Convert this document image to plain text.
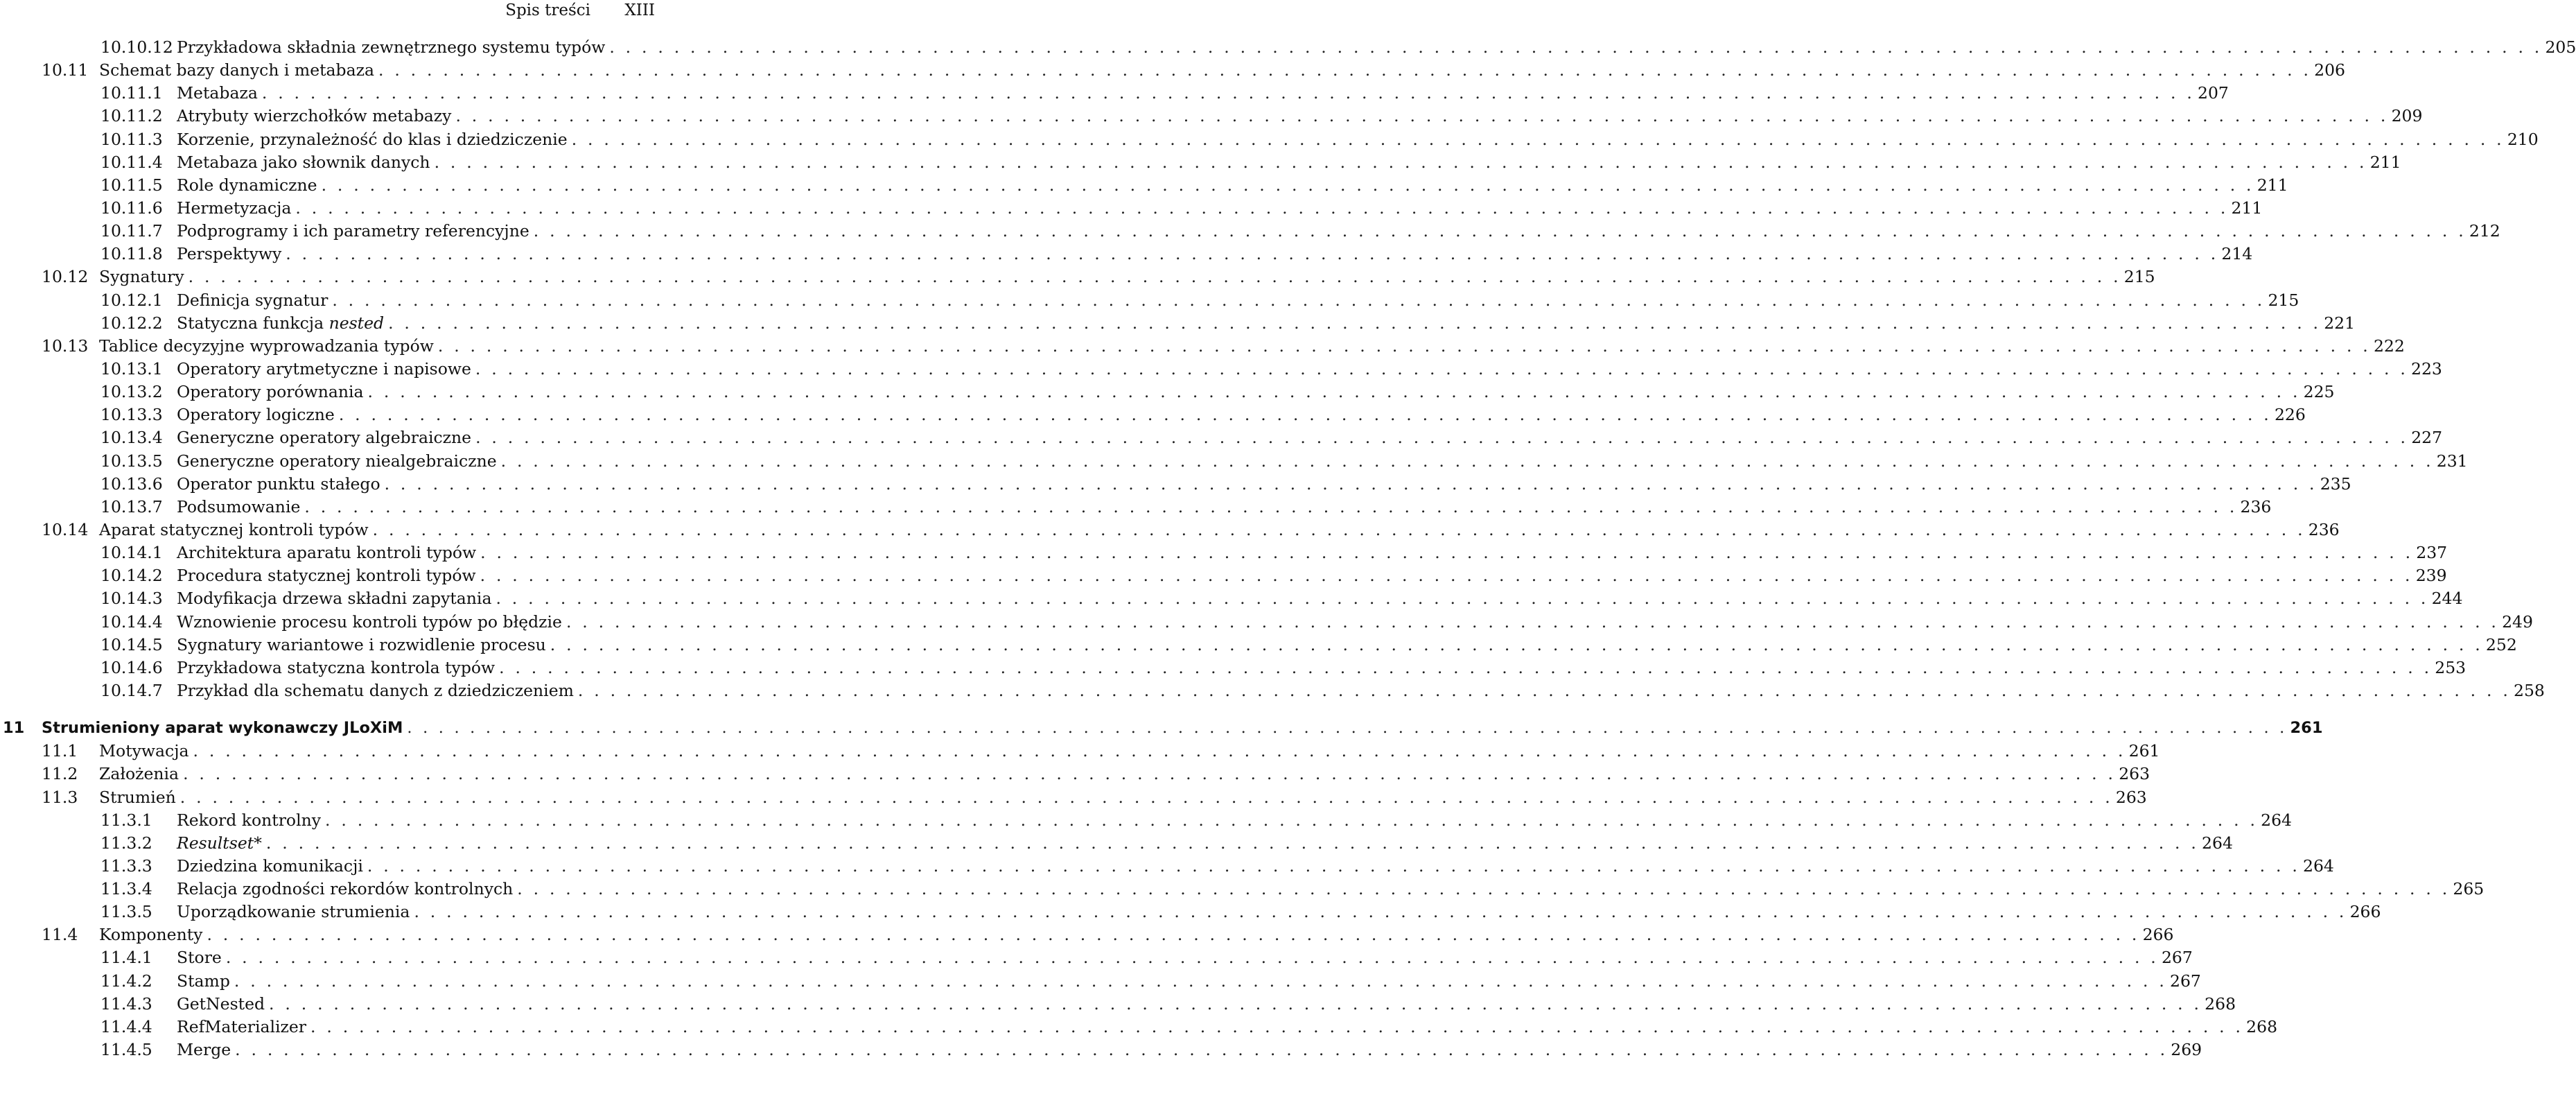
Spis treści XIII
10.10.12 Przykładowa składnia zewnętrznego systemu typów . . . . . . . . . . . . . . . . . . . . . . . . . . . . . . . . . . . . . . . . . . . . . . . . . . . . . . . . . . . . . . . . . . . . . . . . . . . . . . . . . . . . . . . . . . . . . . . . . . . . . . . . . . . . . . . . . . . . . . . . 205
10.11 Schemat bazy danych i metabaza . . . . . . . . . . . . . . . . . . . . . . . . . . . . . . . . . . . . . . . . . . . . . . . . . . . . . . . . . . . . . . . . . . . . . . . . . . . . . . . . . . . . . . . . . . . . . . . . . . . . . . . . . . . . . . . . . . . . . . . . 206
10.11.1 Metabaza . . . . . . . . . . . . . . . . . . . . . . . . . . . . . . . . . . . . . . . . . . . . . . . . . . . . . . . . . . . . . . . . . . . . . . . . . . . . . . . . . . . . . . . . . . . . . . . . . . . . . . . . . . . . . . . . . . . . . . . . 207
10.11.2 Atrybuty wierzchołków metabazy . . . . . . . . . . . . . . . . . . . . . . . . . . . . . . . . . . . . . . . . . . . . . . . . . . . . . . . . . . . . . . . . . . . . . . . . . . . . . . . . . . . . . . . . . . . . . . . . . . . . . . . . . . . . . . . . . . . . . . . . 209
10.11.3 Korzenie, przynależność do klas i dziedziczenie . . . . . . . . . . . . . . . . . . . . . . . . . . . . . . . . . . . . . . . . . . . . . . . . . . . . . . . . . . . . . . . . . . . . . . . . . . . . . . . . . . . . . . . . . . . . . . . . . . . . . . . . . . . . . . . . . . . . . . . . 210
10.11.4 Metabaza jako słownik danych . . . . . . . . . . . . . . . . . . . . . . . . . . . . . . . . . . . . . . . . . . . . . . . . . . . . . . . . . . . . . . . . . . . . . . . . . . . . . . . . . . . . . . . . . . . . . . . . . . . . . . . . . . . . . . . . . . . . . . . . 211
10.11.5 Role dynamiczne . . . . . . . . . . . . . . . . . . . . . . . . . . . . . . . . . . . . . . . . . . . . . . . . . . . . . . . . . . . . . . . . . . . . . . . . . . . . . . . . . . . . . . . . . . . . . . . . . . . . . . . . . . . . . . . . . . . . . . . . 211
10.11.6 Hermetyzacja . . . . . . . . . . . . . . . . . . . . . . . . . . . . . . . . . . . . . . . . . . . . . . . . . . . . . . . . . . . . . . . . . . . . . . . . . . . . . . . . . . . . . . . . . . . . . . . . . . . . . . . . . . . . . . . . . . . . . . . . 211
10.11.7 Podprogramy i ich parametry referencyjne . . . . . . . . . . . . . . . . . . . . . . . . . . . . . . . . . . . . . . . . . . . . . . . . . . . . . . . . . . . . . . . . . . . . . . . . . . . . . . . . . . . . . . . . . . . . . . . . . . . . . . . . . . . . . . . . . . . . . . . . 212
10.11.8 Perspektywy . . . . . . . . . . . . . . . . . . . . . . . . . . . . . . . . . . . . . . . . . . . . . . . . . . . . . . . . . . . . . . . . . . . . . . . . . . . . . . . . . . . . . . . . . . . . . . . . . . . . . . . . . . . . . . . . . . . . . . . . 214
10.12 Sygnatury . . . . . . . . . . . . . . . . . . . . . . . . . . . . . . . . . . . . . . . . . . . . . . . . . . . . . . . . . . . . . . . . . . . . . . . . . . . . . . . . . . . . . . . . . . . . . . . . . . . . . . . . . . . . . . . . . . . . . . . . 215
10.12.1 Definicja sygnatur . . . . . . . . . . . . . . . . . . . . . . . . . . . . . . . . . . . . . . . . . . . . . . . . . . . . . . . . . . . . . . . . . . . . . . . . . . . . . . . . . . . . . . . . . . . . . . . . . . . . . . . . . . . . . . . . . . . . . . . . 215
10.12.2 Statyczna funkcja nested . . . . . . . . . . . . . . . . . . . . . . . . . . . . . . . . . . . . . . . . . . . . . . . . . . . . . . . . . . . . . . . . . . . . . . . . . . . . . . . . . . . . . . . . . . . . . . . . . . . . . . . . . . . . . . . . . . . . . . . . 221
10.13 Tablice decyzyjne wyprowadzania typów . . . . . . . . . . . . . . . . . . . . . . . . . . . . . . . . . . . . . . . . . . . . . . . . . . . . . . . . . . . . . . . . . . . . . . . . . . . . . . . . . . . . . . . . . . . . . . . . . . . . . . . . . . . . . . . . . . . . . . . . 222
10.13.1 Operatory arytmetyczne i napisowe . . . . . . . . . . . . . . . . . . . . . . . . . . . . . . . . . . . . . . . . . . . . . . . . . . . . . . . . . . . . . . . . . . . . . . . . . . . . . . . . . . . . . . . . . . . . . . . . . . . . . . . . . . . . . . . . . . . . . . . . 223
10.13.2 Operatory porównania . . . . . . . . . . . . . . . . . . . . . . . . . . . . . . . . . . . . . . . . . . . . . . . . . . . . . . . . . . . . . . . . . . . . . . . . . . . . . . . . . . . . . . . . . . . . . . . . . . . . . . . . . . . . . . . . . . . . . . . . 225
10.13.3 Operatory logiczne . . . . . . . . . . . . . . . . . . . . . . . . . . . . . . . . . . . . . . . . . . . . . . . . . . . . . . . . . . . . . . . . . . . . . . . . . . . . . . . . . . . . . . . . . . . . . . . . . . . . . . . . . . . . . . . . . . . . . . . . 226
10.13.4 Generyczne operatory algebraiczne . . . . . . . . . . . . . . . . . . . . . . . . . . . . . . . . . . . . . . . . . . . . . . . . . . . . . . . . . . . . . . . . . . . . . . . . . . . . . . . . . . . . . . . . . . . . . . . . . . . . . . . . . . . . . . . . . . . . . . . . 227
10.13.5 Generyczne operatory niealgebraiczne . . . . . . . . . . . . . . . . . . . . . . . . . . . . . . . . . . . . . . . . . . . . . . . . . . . . . . . . . . . . . . . . . . . . . . . . . . . . . . . . . . . . . . . . . . . . . . . . . . . . . . . . . . . . . . . . . . . . . . . . 231
10.13.6 Operator punktu stałego . . . . . . . . . . . . . . . . . . . . . . . . . . . . . . . . . . . . . . . . . . . . . . . . . . . . . . . . . . . . . . . . . . . . . . . . . . . . . . . . . . . . . . . . . . . . . . . . . . . . . . . . . . . . . . . . . . . . . . . . 235
10.13.7 Podsumowanie . . . . . . . . . . . . . . . . . . . . . . . . . . . . . . . . . . . . . . . . . . . . . . . . . . . . . . . . . . . . . . . . . . . . . . . . . . . . . . . . . . . . . . . . . . . . . . . . . . . . . . . . . . . . . . . . . . . . . . . . 236
10.14 Aparat statycznej kontroli typów . . . . . . . . . . . . . . . . . . . . . . . . . . . . . . . . . . . . . . . . . . . . . . . . . . . . . . . . . . . . . . . . . . . . . . . . . . . . . . . . . . . . . . . . . . . . . . . . . . . . . . . . . . . . . . . . . . . . . . . . 236
10.14.1 Architektura aparatu kontroli typów . . . . . . . . . . . . . . . . . . . . . . . . . . . . . . . . . . . . . . . . . . . . . . . . . . . . . . . . . . . . . . . . . . . . . . . . . . . . . . . . . . . . . . . . . . . . . . . . . . . . . . . . . . . . . . . . . . . . . . . . 237
10.14.2 Procedura statycznej kontroli typów . . . . . . . . . . . . . . . . . . . . . . . . . . . . . . . . . . . . . . . . . . . . . . . . . . . . . . . . . . . . . . . . . . . . . . . . . . . . . . . . . . . . . . . . . . . . . . . . . . . . . . . . . . . . . . . . . . . . . . . . 239
10.14.3 Modyfikacja drzewa składni zapytania . . . . . . . . . . . . . . . . . . . . . . . . . . . . . . . . . . . . . . . . . . . . . . . . . . . . . . . . . . . . . . . . . . . . . . . . . . . . . . . . . . . . . . . . . . . . . . . . . . . . . . . . . . . . . . . . . . . . . . . . 244
10.14.4 Wznowienie procesu kontroli typów po błędzie . . . . . . . . . . . . . . . . . . . . . . . . . . . . . . . . . . . . . . . . . . . . . . . . . . . . . . . . . . . . . . . . . . . . . . . . . . . . . . . . . . . . . . . . . . . . . . . . . . . . . . . . . . . . . . . . . . . . . . . . 249
10.14.5 Sygnatury wariantowe i rozwidlenie procesu . . . . . . . . . . . . . . . . . . . . . . . . . . . . . . . . . . . . . . . . . . . . . . . . . . . . . . . . . . . . . . . . . . . . . . . . . . . . . . . . . . . . . . . . . . . . . . . . . . . . . . . . . . . . . . . . . . . . . . . . 252
10.14.6 Przykładowa statyczna kontrola typów . . . . . . . . . . . . . . . . . . . . . . . . . . . . . . . . . . . . . . . . . . . . . . . . . . . . . . . . . . . . . . . . . . . . . . . . . . . . . . . . . . . . . . . . . . . . . . . . . . . . . . . . . . . . . . . . . . . . . . . . 253
10.14.7 Przykład dla schematu danych z dziedziczeniem . . . . . . . . . . . . . . . . . . . . . . . . . . . . . . . . . . . . . . . . . . . . . . . . . . . . . . . . . . . . . . . . . . . . . . . . . . . . . . . . . . . . . . . . . . . . . . . . . . . . . . . . . . . . . . . . . . . . . . . . 258
11 Strumieniony aparat wykonawczy JLoXiM . . . . . . . . . . . . . . . . . . . . . . . . . . . . . . . . . . . . . . . . . . . . . . . . . . . . . . . . . . . . . . . . . . . . . . . . . . . . . . . . . . . . . . . . . . . . . . . . . . . . . . . . . . . . . . . . . . . . . . . . 261
11.1 Motywacja . . . . . . . . . . . . . . . . . . . . . . . . . . . . . . . . . . . . . . . . . . . . . . . . . . . . . . . . . . . . . . . . . . . . . . . . . . . . . . . . . . . . . . . . . . . . . . . . . . . . . . . . . . . . . . . . . . . . . . . . 261
11.2 Założenia . . . . . . . . . . . . . . . . . . . . . . . . . . . . . . . . . . . . . . . . . . . . . . . . . . . . . . . . . . . . . . . . . . . . . . . . . . . . . . . . . . . . . . . . . . . . . . . . . . . . . . . . . . . . . . . . . . . . . . . . 263
11.3 Strumień . . . . . . . . . . . . . . . . . . . . . . . . . . . . . . . . . . . . . . . . . . . . . . . . . . . . . . . . . . . . . . . . . . . . . . . . . . . . . . . . . . . . . . . . . . . . . . . . . . . . . . . . . . . . . . . . . . . . . . . . 263
11.3.1 Rekord kontrolny . . . . . . . . . . . . . . . . . . . . . . . . . . . . . . . . . . . . . . . . . . . . . . . . . . . . . . . . . . . . . . . . . . . . . . . . . . . . . . . . . . . . . . . . . . . . . . . . . . . . . . . . . . . . . . . . . . . . . . . . 264
11.3.2 Resultset* . . . . . . . . . . . . . . . . . . . . . . . . . . . . . . . . . . . . . . . . . . . . . . . . . . . . . . . . . . . . . . . . . . . . . . . . . . . . . . . . . . . . . . . . . . . . . . . . . . . . . . . . . . . . . . . . . . . . . . . . 264
11.3.3 Dziedzina komunikacji . . . . . . . . . . . . . . . . . . . . . . . . . . . . . . . . . . . . . . . . . . . . . . . . . . . . . . . . . . . . . . . . . . . . . . . . . . . . . . . . . . . . . . . . . . . . . . . . . . . . . . . . . . . . . . . . . . . . . . . . 264
11.3.4 Relacja zgodności rekordów kontrolnych . . . . . . . . . . . . . . . . . . . . . . . . . . . . . . . . . . . . . . . . . . . . . . . . . . . . . . . . . . . . . . . . . . . . . . . . . . . . . . . . . . . . . . . . . . . . . . . . . . . . . . . . . . . . . . . . . . . . . . . . 265
11.3.5 Uporządkowanie strumienia . . . . . . . . . . . . . . . . . . . . . . . . . . . . . . . . . . . . . . . . . . . . . . . . . . . . . . . . . . . . . . . . . . . . . . . . . . . . . . . . . . . . . . . . . . . . . . . . . . . . . . . . . . . . . . . . . . . . . . . . 266
11.4 Komponenty . . . . . . . . . . . . . . . . . . . . . . . . . . . . . . . . . . . . . . . . . . . . . . . . . . . . . . . . . . . . . . . . . . . . . . . . . . . . . . . . . . . . . . . . . . . . . . . . . . . . . . . . . . . . . . . . . . . . . . . . 266
11.4.1 Store . . . . . . . . . . . . . . . . . . . . . . . . . . . . . . . . . . . . . . . . . . . . . . . . . . . . . . . . . . . . . . . . . . . . . . . . . . . . . . . . . . . . . . . . . . . . . . . . . . . . . . . . . . . . . . . . . . . . . . . . 267
11.4.2 Stamp . . . . . . . . . . . . . . . . . . . . . . . . . . . . . . . . . . . . . . . . . . . . . . . . . . . . . . . . . . . . . . . . . . . . . . . . . . . . . . . . . . . . . . . . . . . . . . . . . . . . . . . . . . . . . . . . . . . . . . . . 267
11.4.3 GetNested . . . . . . . . . . . . . . . . . . . . . . . . . . . . . . . . . . . . . . . . . . . . . . . . . . . . . . . . . . . . . . . . . . . . . . . . . . . . . . . . . . . . . . . . . . . . . . . . . . . . . . . . . . . . . . . . . . . . . . . . 268
11.4.4 RefMaterializer . . . . . . . . . . . . . . . . . . . . . . . . . . . . . . . . . . . . . . . . . . . . . . . . . . . . . . . . . . . . . . . . . . . . . . . . . . . . . . . . . . . . . . . . . . . . . . . . . . . . . . . . . . . . . . . . . . . . . . . . 268
11.4.5 Merge . . . . . . . . . . . . . . . . . . . . . . . . . . . . . . . . . . . . . . . . . . . . . . . . . . . . . . . . . . . . . . . . . . . . . . . . . . . . . . . . . . . . . . . . . . . . . . . . . . . . . . . . . . . . . . . . . . . . . . . . 269
